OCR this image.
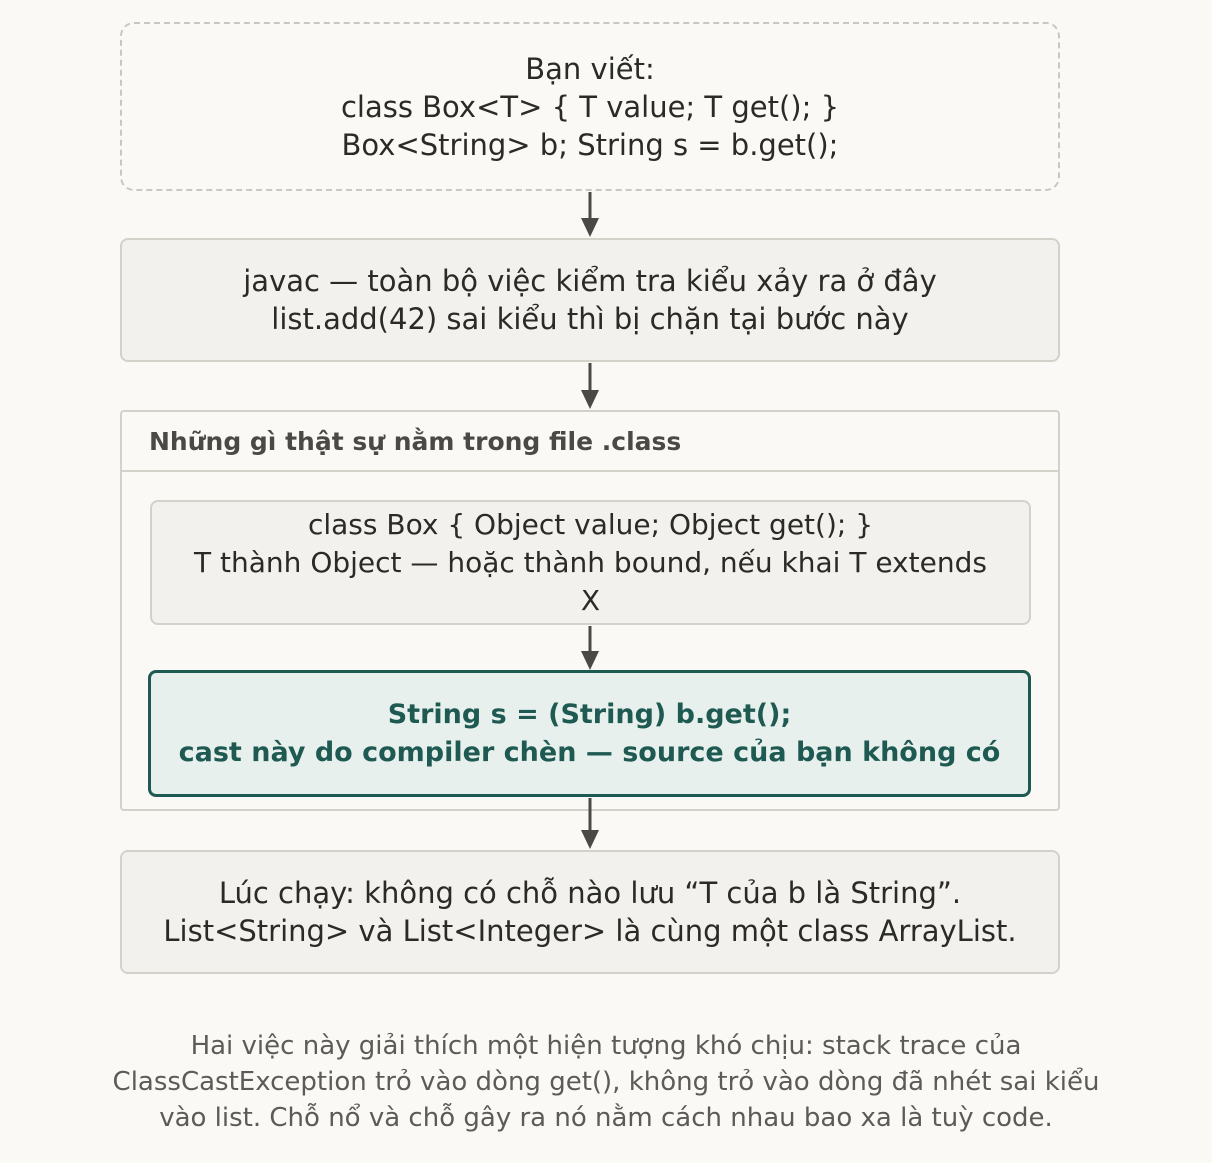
Bạn viết:
class Box<T> { T value; T get(); }
Box<String> b; String s = b.get();
javac — toàn bộ việc kiểm tra kiểu xảy ra ở đây
list.add(42) sai kiểu thì bị chặn tại bước này
Những gì thật sự nằm trong file .class
class Box { Object value; Object get(); }
T thành Object — hoặc thành bound, nếu khai T extends
X
String s = (String) b.get();
cast này do compiler chèn — source của bạn không có
Lúc chạy: không có chỗ nào lưu “T của b là String”.
List<String> và List<Integer> là cùng một class ArrayList.
Hai việc này giải thích một hiện tượng khó chịu: stack trace của
ClassCastException trỏ vào dòng get(), không trỏ vào dòng đã nhét sai kiểu
vào list. Chỗ nổ và chỗ gây ra nó nằm cách nhau bao xa là tuỳ code.
